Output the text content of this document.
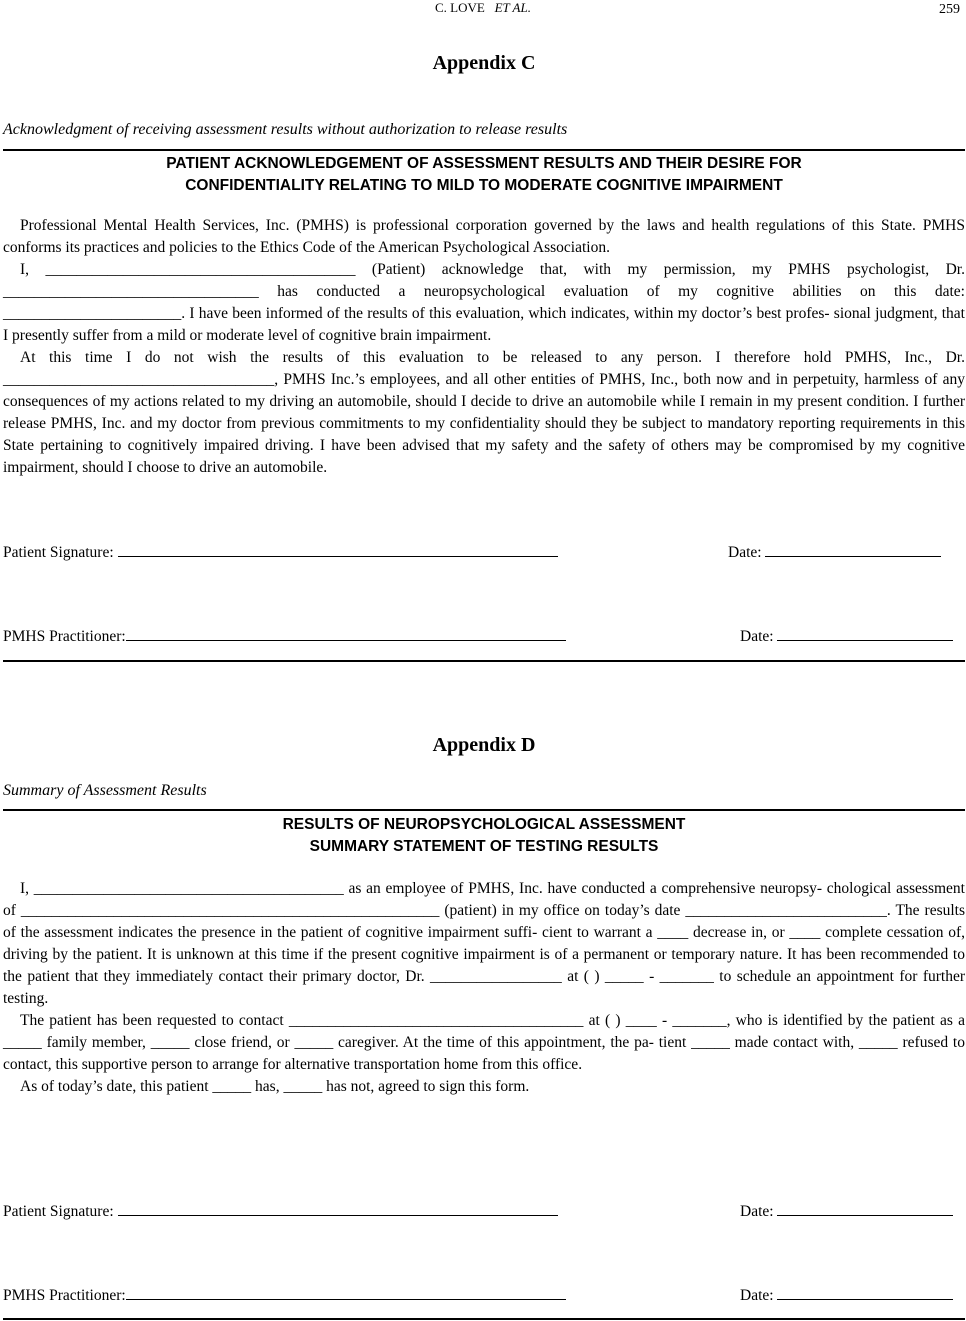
C. LOVE ET AL.	259
Appendix C
Acknowledgment of receiving assessment results without authorization to release results
PATIENT ACKNOWLEDGEMENT OF ASSESSMENT RESULTS AND THEIR DESIRE FOR
CONFIDENTIALITY RELATING TO MILD TO MODERATE COGNITIVE IMPAIRMENT

Professional Mental Health Services, Inc. (PMHS) is professional corporation governed by the laws and health regulations of this State. PMHS conforms its practices and policies to the Ethics Code of the American Psychological Association.

I, ________________________________________ (Patient) acknowledge that, with my permission, my PMHS psychologist, Dr. _________________________________ has conducted a neuropsychological evaluation of my cognitive abilities on this date: _______________________. I have been informed of the results of this evaluation, which indicates, within my doctor’s best profes- sional judgment, that I presently suffer from a mild or moderate level of cognitive brain impairment.

At this time I do not wish the results of this evaluation to be released to any person. I therefore hold PMHS, Inc., Dr. ___________________________________, PMHS Inc.’s employees, and all other entities of PMHS, Inc., both now and in perpetuity, harmless of any consequences of my actions related to my driving an automobile, should I decide to drive an automobile while I remain in my present condition. I further release PMHS, Inc. and my doctor from previous commitments to my confidentiality should they be subject to mandatory reporting requirements in this State pertaining to cognitively impaired driving. I have been advised that my safety and the safety of others may be compromised by my cognitive impairment, should I choose to drive an automobile.

Patient Signature:	Date:
PMHS Practitioner:	Date:
Appendix D
Summary of Assessment Results
RESULTS OF NEUROPSYCHOLOGICAL ASSESSMENT
SUMMARY STATEMENT OF TESTING RESULTS

I, ________________________________________ as an employee of PMHS, Inc. have conducted a comprehensive neuropsy- chological assessment of ______________________________________________________ (patient) in my office on today’s date __________________________. The results of the assessment indicates the presence in the patient of cognitive impairment suffi- cient to warrant a ____ decrease in, or ____ complete cessation of, driving by the patient. It is unknown at this time if the present cognitive impairment is of a permanent or temporary nature. It has been recommended to the patient that they immediately contact their primary doctor, Dr. _________________ at ( ) _____ - _______ to schedule an appointment for further testing.

The patient has been requested to contact ______________________________________ at ( ) ____ - _______, who is identified by the patient as a _____ family member, _____ close friend, or _____ caregiver. At the time of this appointment, the pa- tient _____ made contact with, _____ refused to contact, this supportive person to arrange for alternative transportation home from this office.

As of today’s date, this patient _____ has, _____ has not, agreed to sign this form.

Patient Signature:	Date:
PMHS Practitioner:	Date:
